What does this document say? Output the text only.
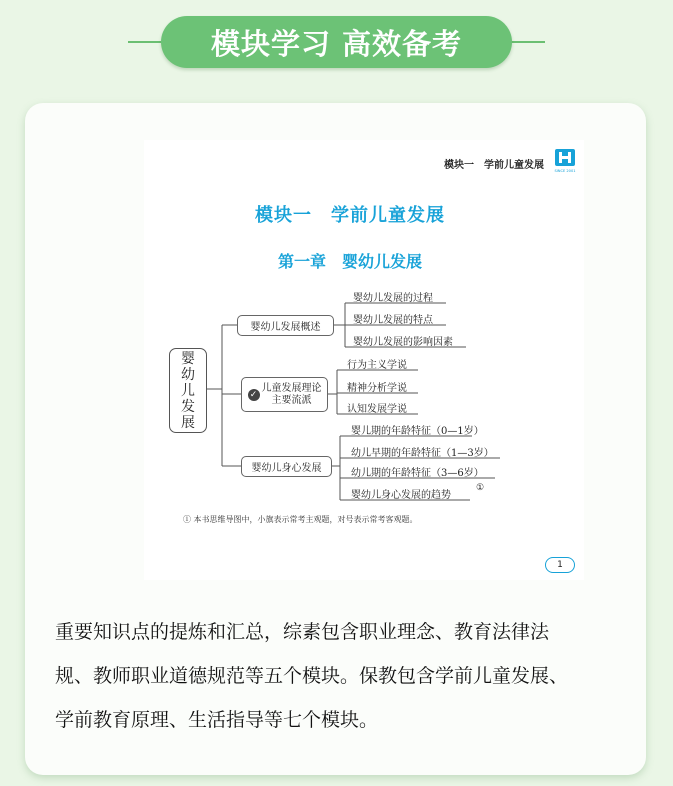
模块学习 高效备考
模块一　学前儿童发展	SINCE 2001
模块一　学前儿童发展
第一章　婴幼儿发展
婴幼儿发展
婴幼儿发展概述
✓
儿童发展理论
主要流派
婴幼儿身心发展
婴幼儿发展的过程
婴幼儿发展的特点
婴幼儿发展的影响因素
行为主义学说
精神分析学说
认知发展学说
婴儿期的年龄特征（0—1岁）
幼儿早期的年龄特征（1—3岁）
幼儿期的年龄特征（3—6岁）
婴幼儿身心发展的趋势
①
① 本书思维导图中，小旗表示常考主观题，对号表示常考客观题。
1
重要知识点的提炼和汇总，综素包含职业理念、教育法律法
规、教师职业道德规范等五个模块。保教包含学前儿童发展、
学前教育原理、生活指导等七个模块。
